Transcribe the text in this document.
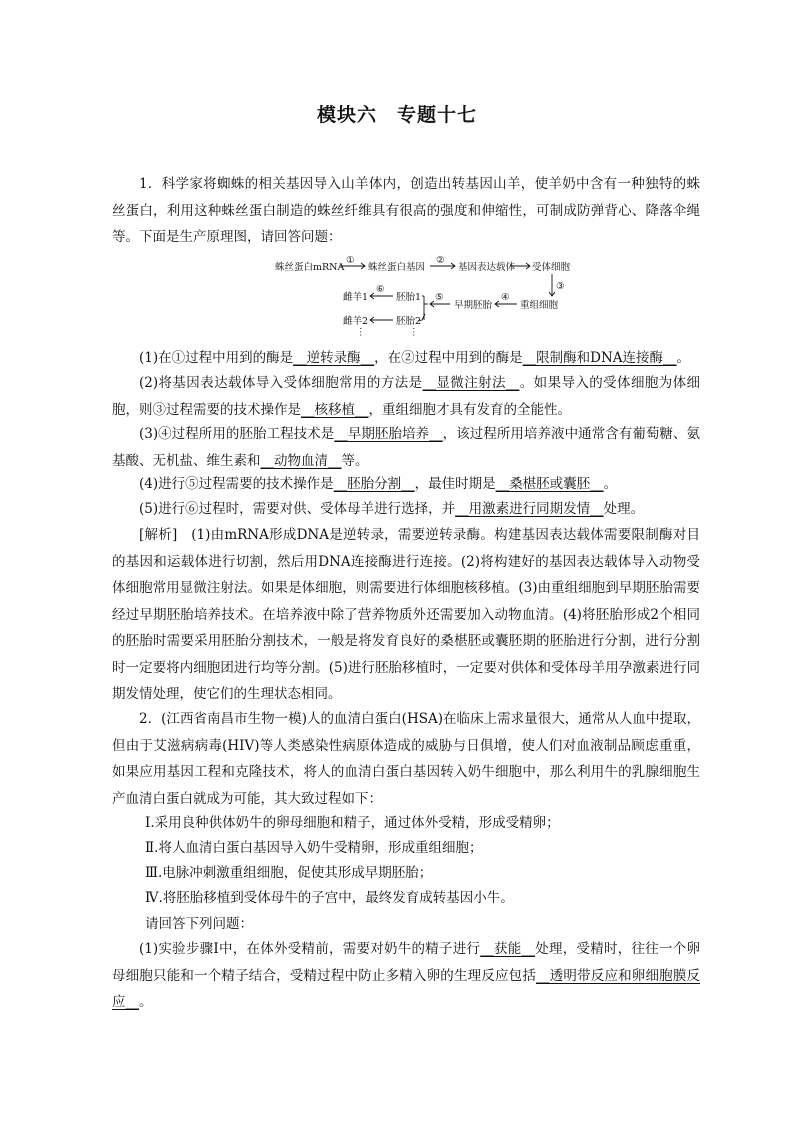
模块六　专题十七

1．科学家将蜘蛛的相关基因导入山羊体内，创造出转基因山羊，使羊奶中含有一种独特的蛛丝蛋白，利用这种蛛丝蛋白制造的蛛丝纤维具有很高的强度和伸缩性，可制成防弹背心、降落伞绳等。下面是生产原理图，请回答问题：

蛛丝蛋白mRNA
①
蛛丝蛋白基因
②
基因表达载体 受体细胞
③
重组细胞
④
早期胚胎
⑤
胚胎1
胚胎2
⑥
雌羊1
雌羊2
⋮	⋮

(1)在①过程中用到的酶是__逆转录酶__，在②过程中用到的酶是__限制酶和DNA连接酶__。

(2)将基因表达载体导入受体细胞常用的方法是__显微注射法__。如果导入的受体细胞为体细胞，则③过程需要的技术操作是__核移植__，重组细胞才具有发育的全能性。

(3)④过程所用的胚胎工程技术是__早期胚胎培养__，该过程所用培养液中通常含有葡萄糖、氨基酸、无机盐、维生素和__动物血清__等。

(4)进行⑤过程需要的技术操作是__胚胎分割__，最佳时期是__桑椹胚或囊胚__。

(5)进行⑥过程时，需要对供、受体母羊进行选择，并__用激素进行同期发情__处理。

[解析]　(1)由mRNA形成DNA是逆转录，需要逆转录酶。构建基因表达载体需要限制酶对目的基因和运载体进行切割，然后用DNA连接酶进行连接。(2)将构建好的基因表达载体导入动物受体细胞常用显微注射法。如果是体细胞，则需要进行体细胞核移植。(3)由重组细胞到早期胚胎需要经过早期胚胎培养技术。在培养液中除了营养物质外还需要加入动物血清。(4)将胚胎形成2个相同的胚胎时需要采用胚胎分割技术，一般是将发育良好的桑椹胚或囊胚期的胚胎进行分割，进行分割时一定要将内细胞团进行均等分割。(5)进行胚胎移植时，一定要对供体和受体母羊用孕激素进行同期发情处理，使它们的生理状态相同。

2．(江西省南昌市生物一模)人的血清白蛋白(HSA)在临床上需求量很大，通常从人血中提取，但由于艾滋病病毒(HIV)等人类感染性病原体造成的威胁与日俱增，使人们对血液制品顾虑重重，如果应用基因工程和克隆技术，将人的血清白蛋白基因转入奶牛细胞中，那么利用牛的乳腺细胞生产血清白蛋白就成为可能，其大致过程如下：

Ⅰ.采用良种供体奶牛的卵母细胞和精子，通过体外受精，形成受精卵；

Ⅱ.将人血清白蛋白基因导入奶牛受精卵，形成重组细胞；

Ⅲ.电脉冲刺激重组细胞，促使其形成早期胚胎；

Ⅳ.将胚胎移植到受体母牛的子宫中，最终发育成转基因小牛。

请回答下列问题：

(1)实验步骤Ⅰ中，在体外受精前，需要对奶牛的精子进行__获能__处理，受精时，往往一个卵母细胞只能和一个精子结合，受精过程中防止多精入卵的生理反应包括__透明带反应和卵细胞膜反应__。
